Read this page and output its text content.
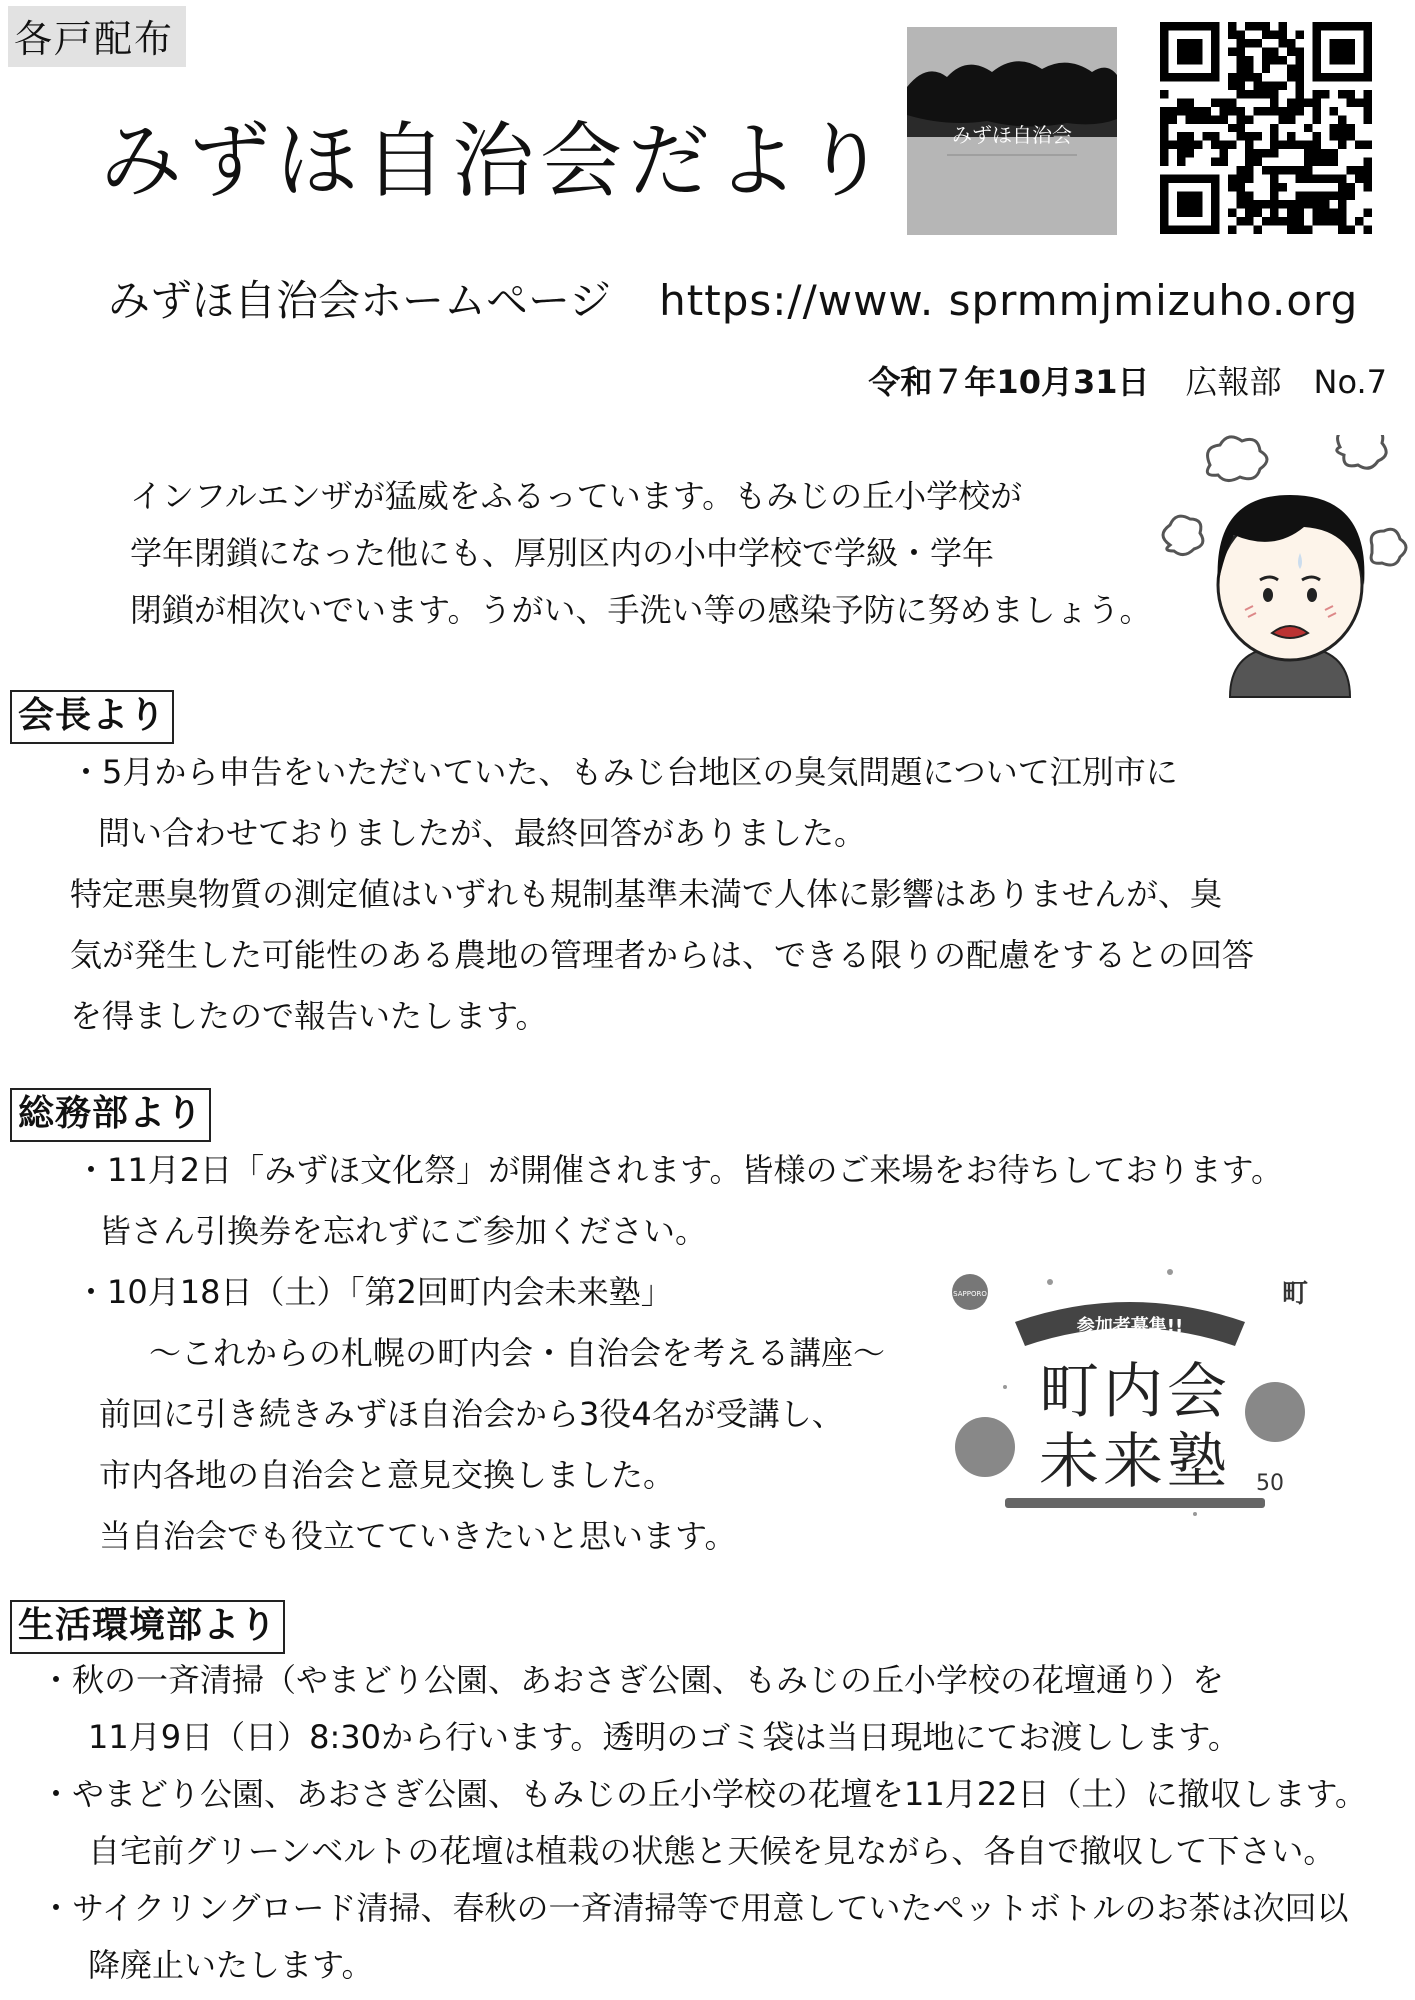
各戸配布
みずほ自治会だより	みずほ自治会
みずほ自治会ホームページ https://www. sprmmjmizuho.org
令和７年10月31日 広報部　No.7
インフルエンザが猛威をふるっています。もみじの丘小学校が
学年閉鎖になった他にも、厚別区内の小中学校で学級・学年
閉鎖が相次いでいます。うがい、手洗い等の感染予防に努めましょう。
会長より
・5月から申告をいただいていた、もみじ台地区の臭気問題について江別市に
問い合わせておりましたが、最終回答がありました。
特定悪臭物質の測定値はいずれも規制基準未満で人体に影響はありませんが、臭
気が発生した可能性のある農地の管理者からは、できる限りの配慮をするとの回答
を得ましたので報告いたします。
総務部より
・11月2日「みずほ文化祭」が開催されます。皆様のご来場をお待ちしております。
皆さん引換券を忘れずにご参加ください。
・10月18日（土）「第2回町内会未来塾」
～これからの札幌の町内会・自治会を考える講座～
前回に引き続きみずほ自治会から3役4名が受講し、
市内各地の自治会と意見交換しました。
当自治会でも役立てていきたいと思います。
SAPPORO	町
参加者募集!!
町内会
未来塾 50
生活環境部より
・秋の一斉清掃（やまどり公園、あおさぎ公園、もみじの丘小学校の花壇通り）を
11月9日（日）8:30から行います。透明のゴミ袋は当日現地にてお渡しします。
・やまどり公園、あおさぎ公園、もみじの丘小学校の花壇を11月22日（土）に撤収します。
自宅前グリーンベルトの花壇は植栽の状態と天候を見ながら、各自で撤収して下さい。
・サイクリングロード清掃、春秋の一斉清掃等で用意していたペットボトルのお茶は次回以
降廃止いたします。
